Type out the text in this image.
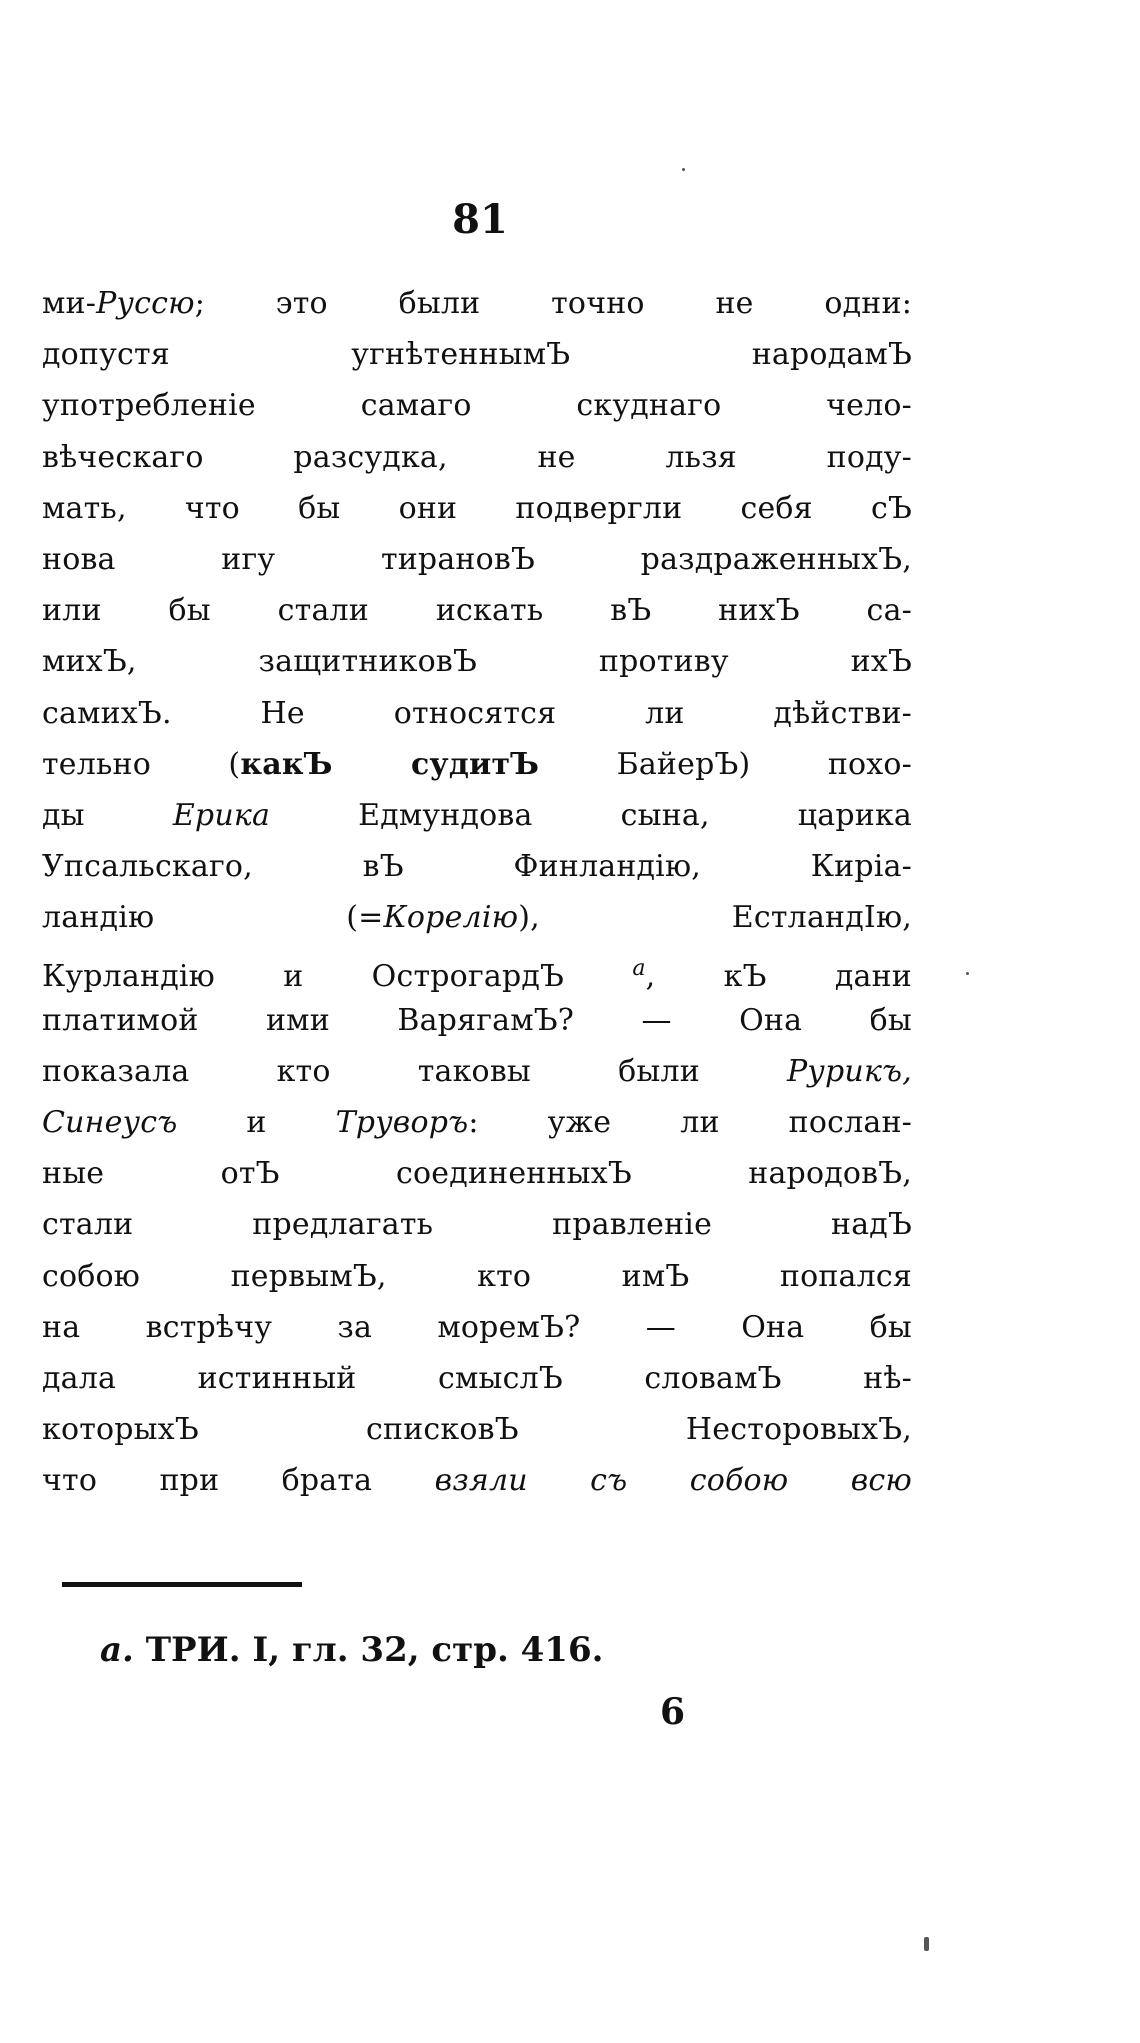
81
ми-Руссю; это были точно не одни:
допустя угнѣтеннымЪ народамЪ
употребленіе самаго скуднаго чело-
вѣческаго разсудка, не льзя поду-
мать, что бы они подвергли себя сЪ
нова игу тирановЪ раздраженныхЪ,
или бы стали искать вЪ нихЪ са-
михЪ, защитниковЪ противу ихЪ
самихЪ. Не относятся ли дѣйстви-
тельно (какЪ судитЪ БайерЪ) похо-
ды Ерика Едмундова сына, царика
Упсальскаго, вЪ Финландію, Киріа-
ландію (=Корелію), ЕстландІю,
Курландію и ОстрогардЪ $^a$, кЪ дани
платимой ими ВарягамЪ? — Она бы
показала кто таковы были Рурикъ,
Синеусъ и Труворъ: уже ли послан-
ные отЪ соединенныхЪ народовЪ,
стали предлагать правленіе надЪ
собою первымЪ, кто имЪ попался
на встрѣчу за моремЪ? — Она бы
дала истинный смыслЪ словамЪ нѣ-
которыхЪ списковЪ НесторовыхЪ,
что при брата взяли съ собою всю
a. ТРИ. I, гл. 32, стр. 416.
6
